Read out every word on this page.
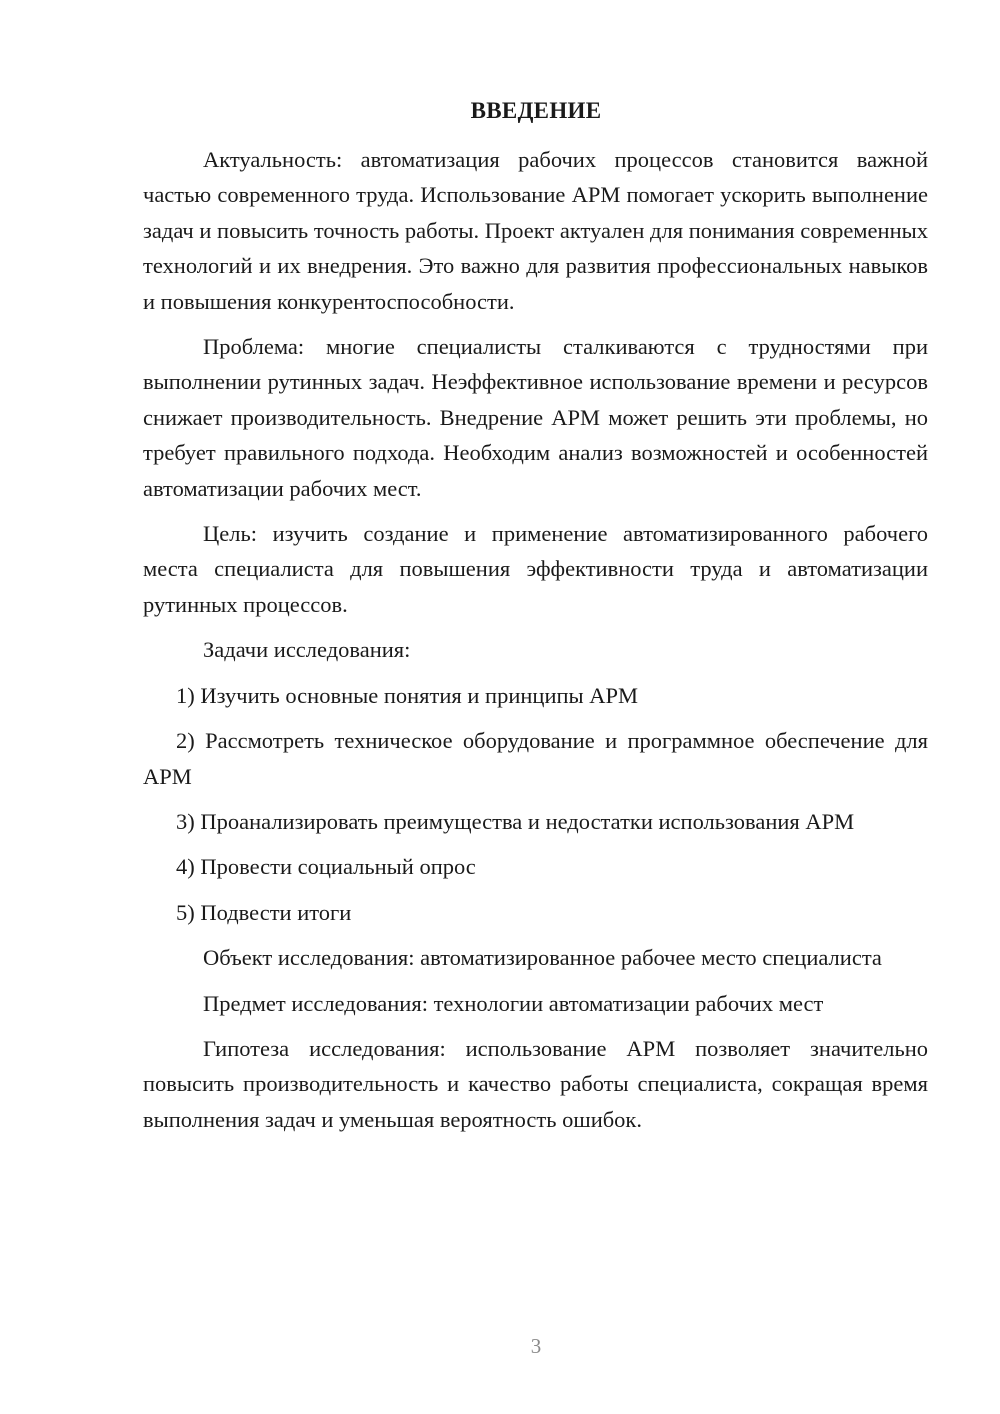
ВВЕДЕНИЕ

Актуальность: автоматизация рабочих процессов становится важной частью современного труда. Использование АРМ помогает ускорить выполнение задач и повысить точность работы. Проект актуален для понимания современных технологий и их внедрения. Это важно для развития профессиональных навыков и повышения конкурентоспособности.

Проблема: многие специалисты сталкиваются с трудностями при выполнении рутинных задач. Неэффективное использование времени и ресурсов снижает производительность. Внедрение АРМ может решить эти проблемы, но требует правильного подхода. Необходим анализ возможностей и особенностей автоматизации рабочих мест.

Цель: изучить создание и применение автоматизированного рабочего места специалиста для повышения эффективности труда и автоматизации рутинных процессов.

Задачи исследования:

1) Изучить основные понятия и принципы АРМ

2) Рассмотреть техническое оборудование и программное обеспечение для АРМ

3) Проанализировать преимущества и недостатки использования АРМ

4) Провести социальный опрос

5) Подвести итоги

Объект исследования: автоматизированное рабочее место специалиста

Предмет исследования: технологии автоматизации рабочих мест

Гипотеза исследования: использование АРМ позволяет значительно повысить производительность и качество работы специалиста, сокращая время выполнения задач и уменьшая вероятность ошибок.

3
